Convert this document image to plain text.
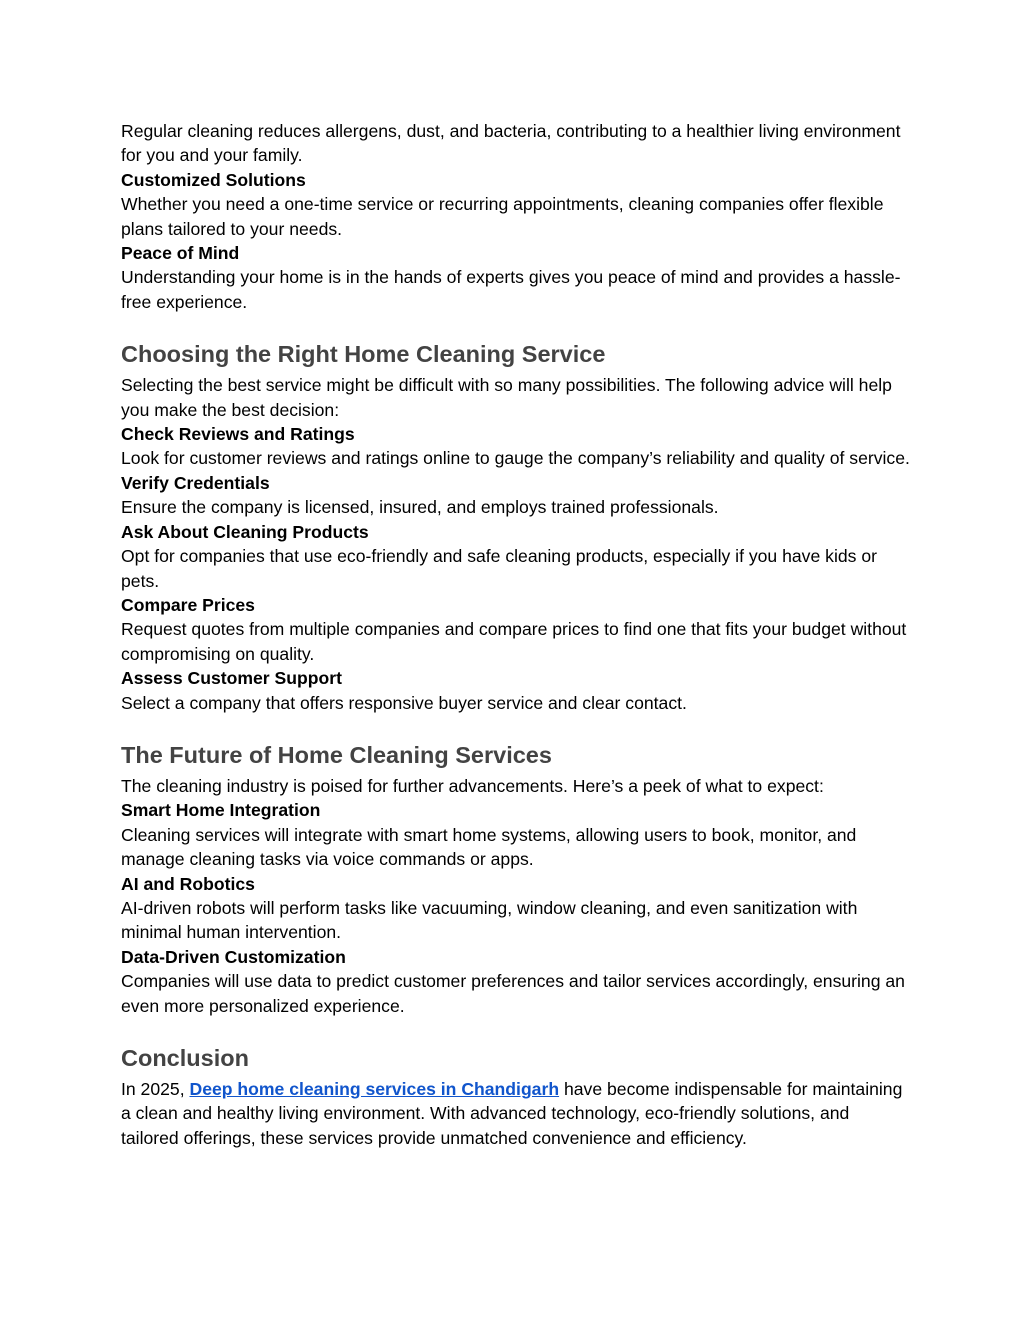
Regular cleaning reduces allergens, dust, and bacteria, contributing to a healthier living environment for you and your family.

Customized Solutions

Whether you need a one-time service or recurring appointments, cleaning companies offer flexible plans tailored to your needs.

Peace of Mind

Understanding your home is in the hands of experts gives you peace of mind and provides a hassle-free experience.

Choosing the Right Home Cleaning Service

Selecting the best service might be difficult with so many possibilities. The following advice will help you make the best decision:

Check Reviews and Ratings

Look for customer reviews and ratings online to gauge the company’s reliability and quality of service.

Verify Credentials

Ensure the company is licensed, insured, and employs trained professionals.

Ask About Cleaning Products

Opt for companies that use eco-friendly and safe cleaning products, especially if you have kids or pets.

Compare Prices

Request quotes from multiple companies and compare prices to find one that fits your budget without compromising on quality.

Assess Customer Support

Select a company that offers responsive buyer service and clear contact.

The Future of Home Cleaning Services

The cleaning industry is poised for further advancements. Here’s a peek of what to expect:

Smart Home Integration

Cleaning services will integrate with smart home systems, allowing users to book, monitor, and manage cleaning tasks via voice commands or apps.

AI and Robotics

AI-driven robots will perform tasks like vacuuming, window cleaning, and even sanitization with minimal human intervention.

Data-Driven Customization

Companies will use data to predict customer preferences and tailor services accordingly, ensuring an even more personalized experience.

Conclusion

In 2025, Deep home cleaning services in Chandigarh have become indispensable for maintaining a clean and healthy living environment. With advanced technology, eco-friendly solutions, and tailored offerings, these services provide unmatched convenience and efficiency.
